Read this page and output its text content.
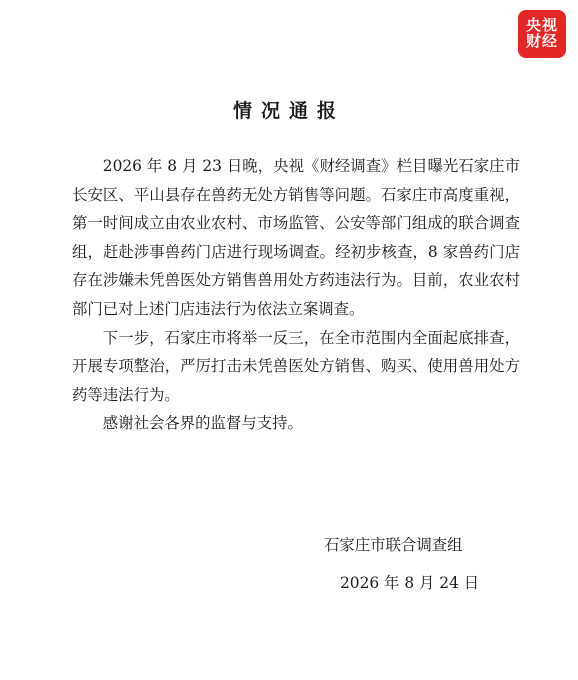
央视
财经
情况通报

2026 年 8 月 23 日晚，央视《财经调查》栏目曝光石家庄市长安区、平山县存在兽药无处方销售等问题。石家庄市高度重视，第一时间成立由农业农村、市场监管、公安等部门组成的联合调查组，赶赴涉事兽药门店进行现场调查。经初步核查，8 家兽药门店存在涉嫌未凭兽医处方销售兽用处方药违法行为。目前，农业农村部门已对上述门店违法行为依法立案调查。

下一步，石家庄市将举一反三，在全市范围内全面起底排查，开展专项整治，严厉打击未凭兽医处方销售、购买、使用兽用处方药等违法行为。

感谢社会各界的监督与支持。

石家庄市联合调查组
2026 年 8 月 24 日
